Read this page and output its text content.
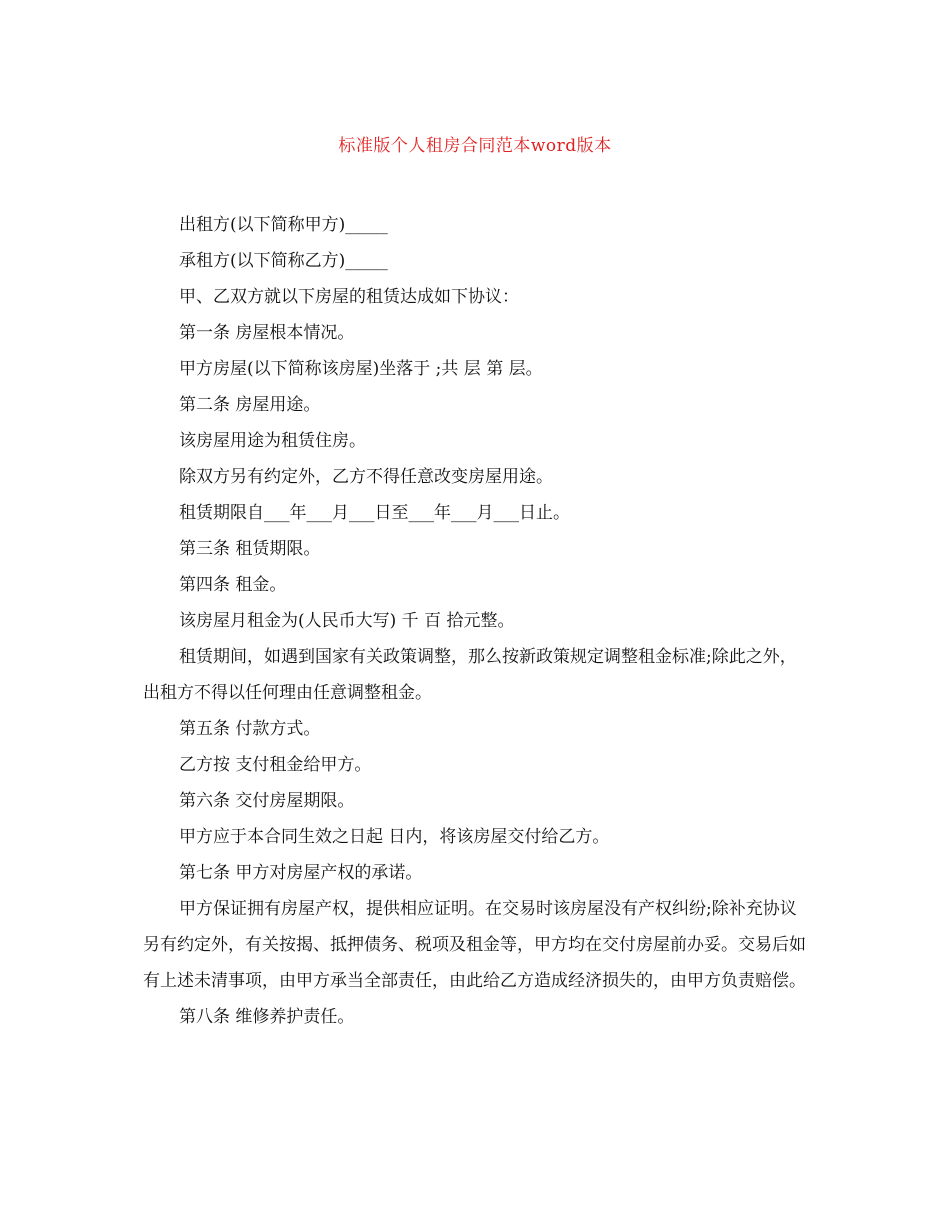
标准版个人租房合同范本word版本

出租方(以下简称甲方)_____

承租方(以下简称乙方)_____

甲、乙双方就以下房屋的租赁达成如下协议：

第一条 房屋根本情况。

甲方房屋(以下简称该房屋)坐落于 ;共 层 第 层。

第二条 房屋用途。

该房屋用途为租赁住房。

除双方另有约定外，乙方不得任意改变房屋用途。

租赁期限自___年___月___日至___年___月___日止。

第三条 租赁期限。

第四条 租金。

该房屋月租金为(人民币大写) 千 百 拾元整。

租赁期间，如遇到国家有关政策调整，那么按新政策规定调整租金标准;除此之外，出租方不得以任何理由任意调整租金。

第五条 付款方式。

乙方按 支付租金给甲方。

第六条 交付房屋期限。

甲方应于本合同生效之日起 日内，将该房屋交付给乙方。

第七条 甲方对房屋产权的承诺。

甲方保证拥有房屋产权，提供相应证明。在交易时该房屋没有产权纠纷;除补充协议另有约定外，有关按揭、抵押债务、税项及租金等，甲方均在交付房屋前办妥。交易后如有上述未清事项，由甲方承当全部责任，由此给乙方造成经济损失的，由甲方负责赔偿。

第八条 维修养护责任。
